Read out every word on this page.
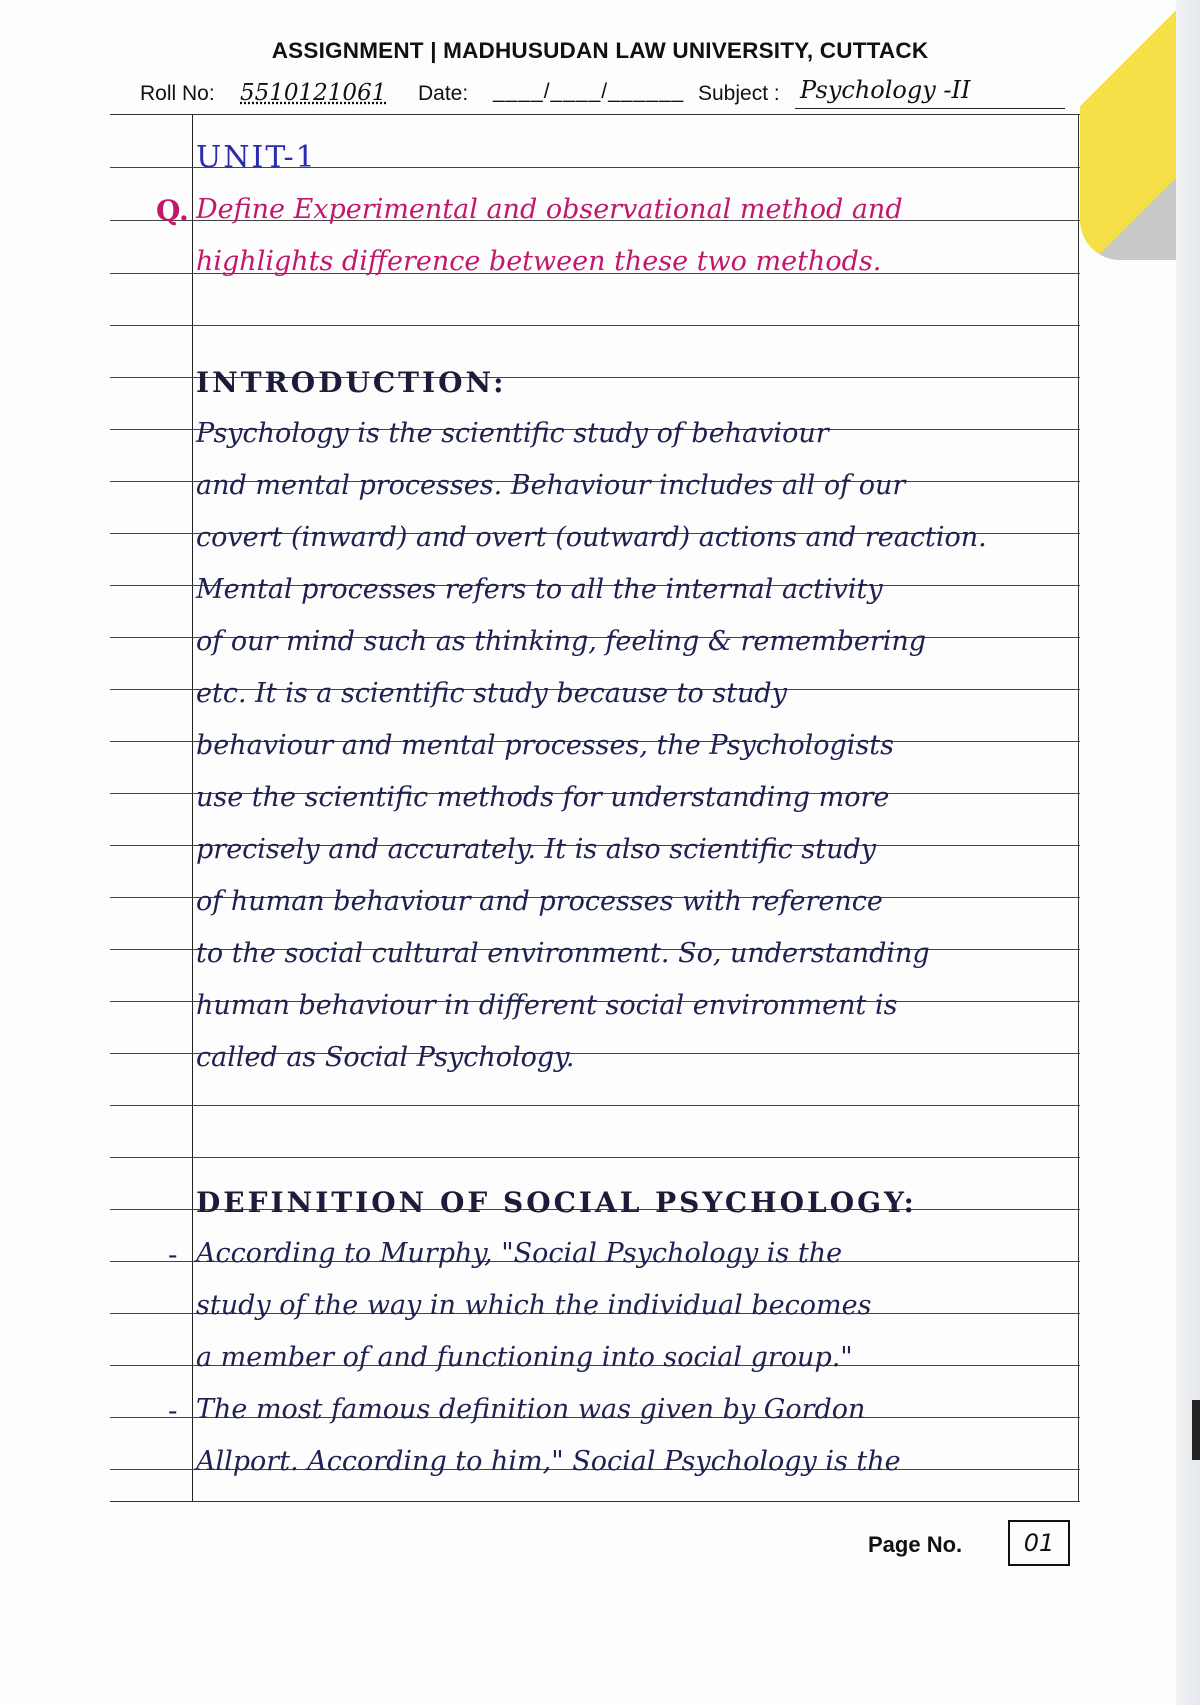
ASSIGNMENT | MADHUSUDAN LAW UNIVERSITY, CUTTACK
Roll No: 5510121061 Date: ____/____/______ Subject : Psychology -II
UNIT-1
Q. Define Experimental and observational method and
highlights difference between these two methods.
INTRODUCTION:
Psychology is the scientific study of behaviour
and mental processes. Behaviour includes all of our
covert (inward) and overt (outward) actions and reaction.
Mental processes refers to all the internal activity
of our mind such as thinking, feeling & remembering
etc. It is a scientific study because to study
behaviour and mental processes, the Psychologists
use the scientific methods for understanding more
precisely and accurately. It is also scientific study
of human behaviour and processes with reference
to the social cultural environment. So, understanding
human behaviour in different social environment is
called as Social Psychology.
DEFINITION OF SOCIAL PSYCHOLOGY:
- According to Murphy, "Social Psychology is the
study of the way in which the individual becomes
a member of and functioning into social group."
- The most famous definition was given by Gordon
Allport. According to him," Social Psychology is the
Page No.	01
